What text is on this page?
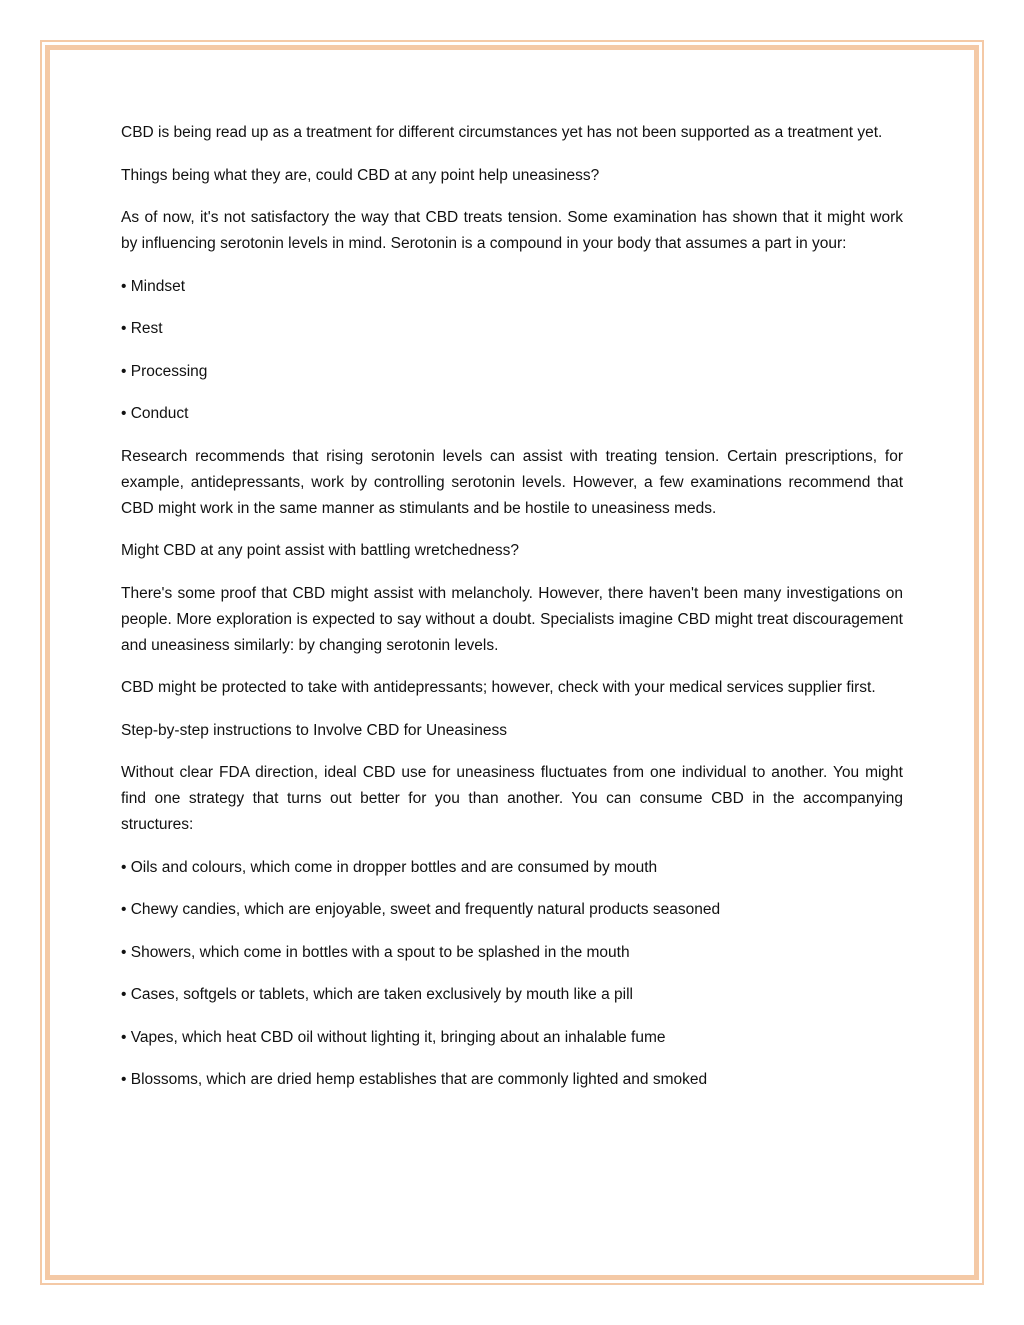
CBD is being read up as a treatment for different circumstances yet has not been supported as a treatment yet.

Things being what they are, could CBD at any point help uneasiness?

As of now, it's not satisfactory the way that CBD treats tension. Some examination has shown that it might work by influencing serotonin levels in mind. Serotonin is a compound in your body that assumes a part in your:

• Mindset

• Rest

• Processing

• Conduct

Research recommends that rising serotonin levels can assist with treating tension. Certain prescriptions, for example, antidepressants, work by controlling serotonin levels. However, a few examinations recommend that CBD might work in the same manner as stimulants and be hostile to uneasiness meds.

Might CBD at any point assist with battling wretchedness?

There's some proof that CBD might assist with melancholy. However, there haven't been many investigations on people. More exploration is expected to say without a doubt. Specialists imagine CBD might treat discouragement and uneasiness similarly: by changing serotonin levels.

CBD might be protected to take with antidepressants; however, check with your medical services supplier first.

Step-by-step instructions to Involve CBD for Uneasiness

Without clear FDA direction, ideal CBD use for uneasiness fluctuates from one individual to another. You might find one strategy that turns out better for you than another. You can consume CBD in the accompanying structures:

• Oils and colours, which come in dropper bottles and are consumed by mouth

• Chewy candies, which are enjoyable, sweet and frequently natural products seasoned

• Showers, which come in bottles with a spout to be splashed in the mouth

• Cases, softgels or tablets, which are taken exclusively by mouth like a pill

• Vapes, which heat CBD oil without lighting it, bringing about an inhalable fume

• Blossoms, which are dried hemp establishes that are commonly lighted and smoked
